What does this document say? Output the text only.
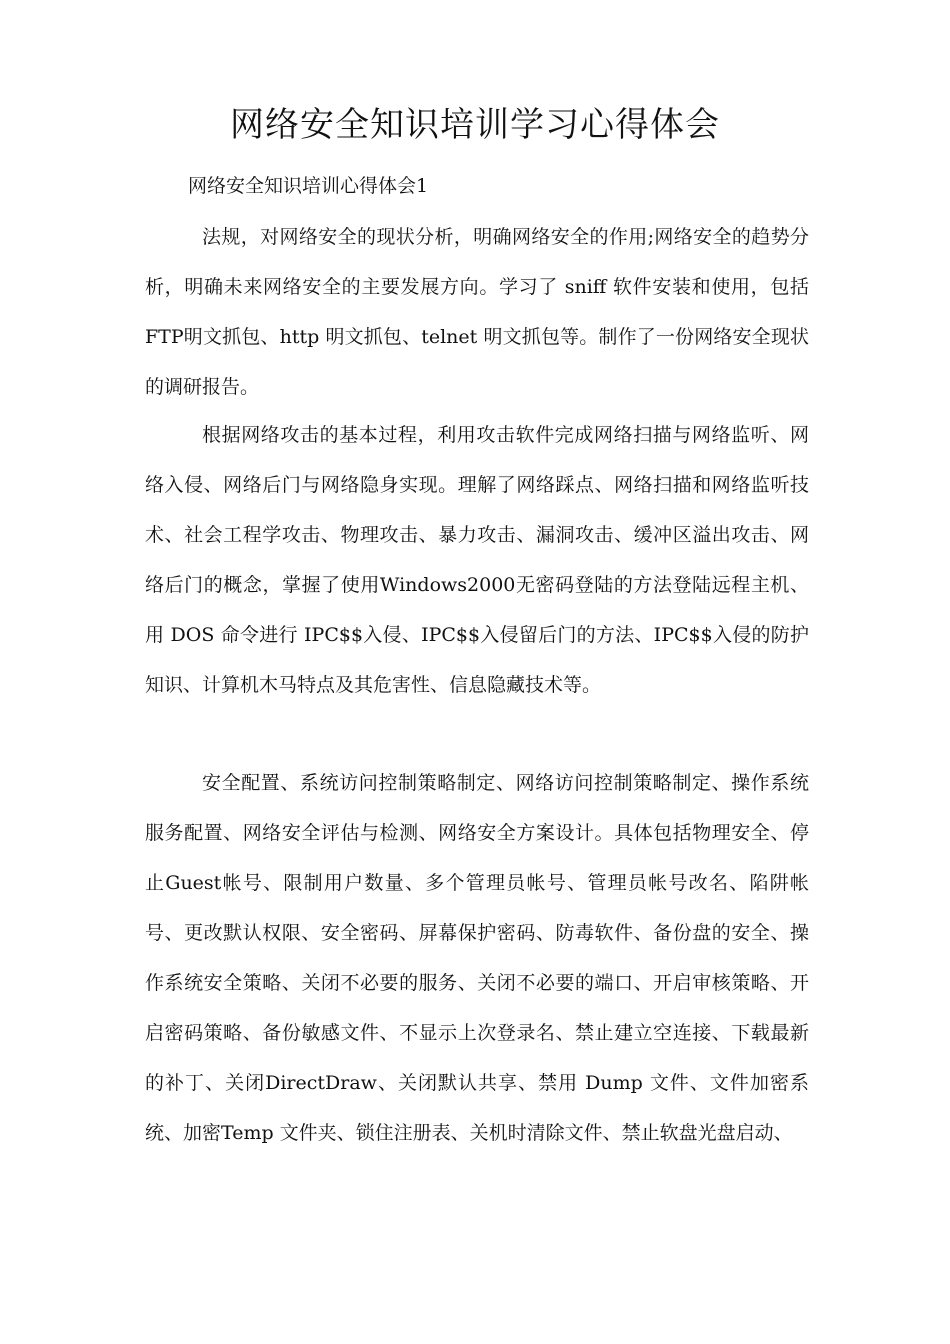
网络安全知识培训学习心得体会
网络安全知识培训心得体会1

法规，对网络安全的现状分析，明确网络安全的作用;网络安全的趋势分析，明确未来网络安全的主要发展方向。学习了 sniff 软件安装和使用，包括FTP明文抓包、http 明文抓包、telnet 明文抓包等。制作了一份网络安全现状的调研报告。

根据网络攻击的基本过程，利用攻击软件完成网络扫描与网络监听、网络入侵、网络后门与网络隐身实现。理解了网络踩点、网络扫描和网络监听技术、社会工程学攻击、物理攻击、暴力攻击、漏洞攻击、缓冲区溢出攻击、网络后门的概念，掌握了使用Windows2000无密码登陆的方法登陆远程主机、用 DOS 命令进行 IPC$$入侵、IPC$$入侵留后门的方法、IPC$$入侵的防护知识、计算机木马特点及其危害性、信息隐藏技术等。

安全配置、系统访问控制策略制定、网络访问控制策略制定、操作系统服务配置、网络安全评估与检测、网络安全方案设计。具体包括物理安全、停止Guest帐号、限制用户数量、多个管理员帐号、管理员帐号改名、陷阱帐号、更改默认权限、安全密码、屏幕保护密码、防毒软件、备份盘的安全、操作系统安全策略、关闭不必要的服务、关闭不必要的端口、开启审核策略、开启密码策略、备份敏感文件、不显示上次登录名、禁止建立空连接、下载最新的补丁、关闭DirectDraw、关闭默认共享、禁用 Dump 文件、文件加密系统、加密Temp 文件夹、锁住注册表、关机时清除文件、禁止软盘光盘启动、
